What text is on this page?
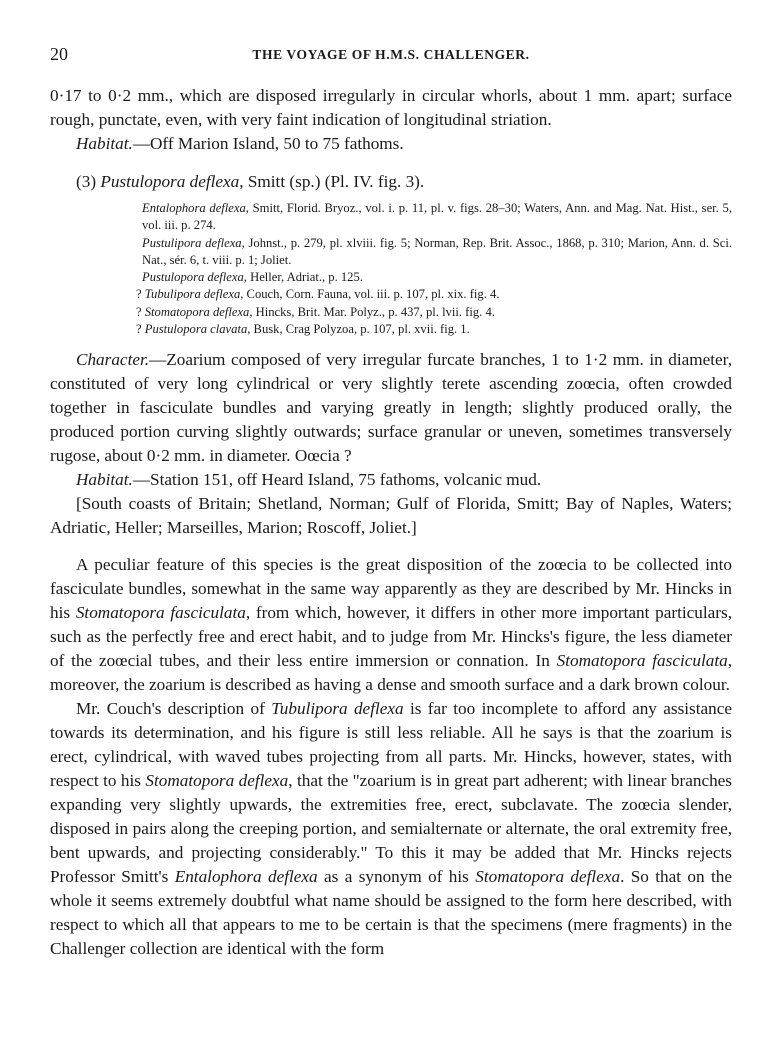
20	THE VOYAGE OF H.M.S. CHALLENGER.

0·17 to 0·2 mm., which are disposed irregularly in circular whorls, about 1 mm. apart; surface rough, punctate, even, with very faint indication of longitudinal striation.

Habitat.—Off Marion Island, 50 to 75 fathoms.

(3) Pustulopora deflexa, Smitt (sp.) (Pl. IV. fig. 3).

Entalophora deflexa, Smitt, Florid. Bryoz., vol. i. p. 11, pl. v. figs. 28–30; Waters, Ann. and Mag. Nat. Hist., ser. 5, vol. iii. p. 274.
Pustulipora deflexa, Johnst., p. 279, pl. xlviii. fig. 5; Norman, Rep. Brit. Assoc., 1868, p. 310; Marion, Ann. d. Sci. Nat., sér. 6, t. viii. p. 1; Joliet.
Pustulopora deflexa, Heller, Adriat., p. 125.
? Tubulipora deflexa, Couch, Corn. Fauna, vol. iii. p. 107, pl. xix. fig. 4.
? Stomatopora deflexa, Hincks, Brit. Mar. Polyz., p. 437, pl. lvii. fig. 4.
? Pustulopora clavata, Busk, Crag Polyzoa, p. 107, pl. xvii. fig. 1.

Character.—Zoarium composed of very irregular furcate branches, 1 to 1·2 mm. in diameter, constituted of very long cylindrical or very slightly terete ascending zoœcia, often crowded together in fasciculate bundles and varying greatly in length; slightly produced orally, the produced portion curving slightly outwards; surface granular or uneven, sometimes transversely rugose, about 0·2 mm. in diameter. Oœcia ?

Habitat.—Station 151, off Heard Island, 75 fathoms, volcanic mud.

[South coasts of Britain; Shetland, Norman; Gulf of Florida, Smitt; Bay of Naples, Waters; Adriatic, Heller; Marseilles, Marion; Roscoff, Joliet.]

A peculiar feature of this species is the great disposition of the zoœcia to be collected into fasciculate bundles, somewhat in the same way apparently as they are described by Mr. Hincks in his Stomatopora fasciculata, from which, however, it differs in other more important particulars, such as the perfectly free and erect habit, and to judge from Mr. Hincks's figure, the less diameter of the zoœcial tubes, and their less entire immersion or connation. In Stomatopora fasciculata, moreover, the zoarium is described as having a dense and smooth surface and a dark brown colour.

Mr. Couch's description of Tubulipora deflexa is far too incomplete to afford any assistance towards its determination, and his figure is still less reliable. All he says is that the zoarium is erect, cylindrical, with waved tubes projecting from all parts. Mr. Hincks, however, states, with respect to his Stomatopora deflexa, that the "zoarium is in great part adherent; with linear branches expanding very slightly upwards, the extremities free, erect, subclavate. The zoœcia slender, disposed in pairs along the creeping portion, and semialternate or alternate, the oral extremity free, bent upwards, and projecting considerably." To this it may be added that Mr. Hincks rejects Professor Smitt's Entalophora deflexa as a synonym of his Stomatopora deflexa. So that on the whole it seems extremely doubtful what name should be assigned to the form here described, with respect to which all that appears to me to be certain is that the specimens (mere fragments) in the Challenger collection are identical with the form
